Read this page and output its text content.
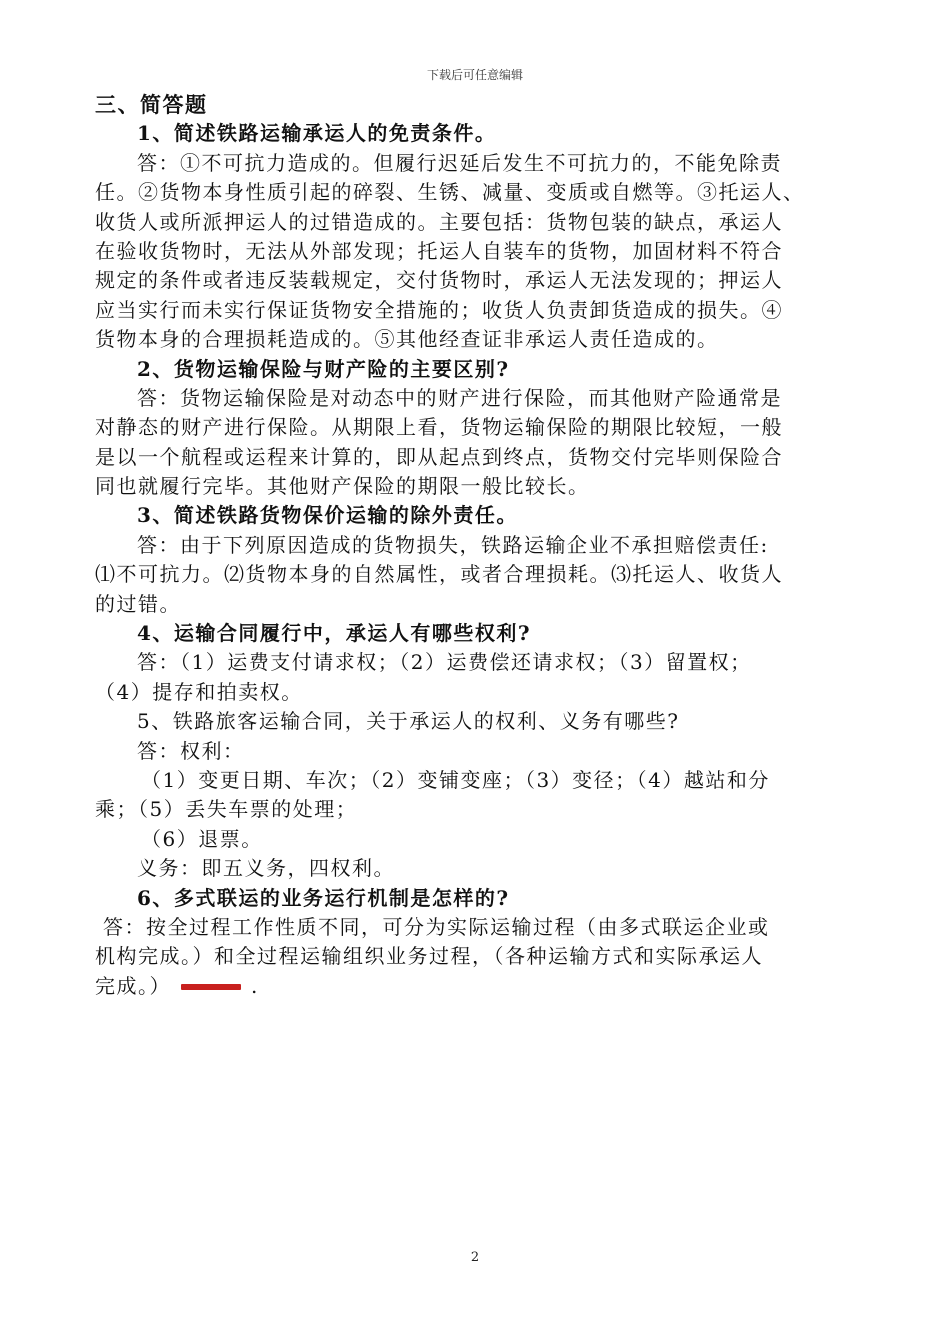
下载后可任意编辑
三、简答题
1、简述铁路运输承运人的免责条件。
答：①不可抗力造成的。但履行迟延后发生不可抗力的，不能免除责
任。②货物本身性质引起的碎裂、生锈、减量、变质或自燃等。③托运人、
收货人或所派押运人的过错造成的。主要包括：货物包装的缺点，承运人
在验收货物时，无法从外部发现；托运人自装车的货物，加固材料不符合
规定的条件或者违反装载规定，交付货物时，承运人无法发现的；押运人
应当实行而未实行保证货物安全措施的；收货人负责卸货造成的损失。④
货物本身的合理损耗造成的。⑤其他经查证非承运人责任造成的。
2、货物运输保险与财产险的主要区别?
答：货物运输保险是对动态中的财产进行保险，而其他财产险通常是
对静态的财产进行保险。从期限上看，货物运输保险的期限比较短，一般
是以一个航程或运程来计算的，即从起点到终点，货物交付完毕则保险合
同也就履行完毕。其他财产保险的期限一般比较长。
3、简述铁路货物保价运输的除外责任。
答：由于下列原因造成的货物损失，铁路运输企业不承担赔偿责任:
⑴不可抗力。⑵货物本身的自然属性，或者合理损耗。⑶托运人、收货人
的过错。
4、运输合同履行中，承运人有哪些权利?
答：（1）运费支付请求权；（2）运费偿还请求权；（3）留置权；
（4）提存和拍卖权。
5、铁路旅客运输合同，关于承运人的权利、义务有哪些?
答：权利：
（1）变更日期、车次；（2）变铺变座；（3）变径；（4）越站和分
乘；（5）丢失车票的处理；
（6）退票。
义务：即五义务，四权利。
6、多式联运的业务运行机制是怎样的?
答：按全过程工作性质不同，可分为实际运输过程（由多式联运企业或
机构完成。）和全过程运输组织业务过程，（各种运输方式和实际承运人
完成。）	.
2
